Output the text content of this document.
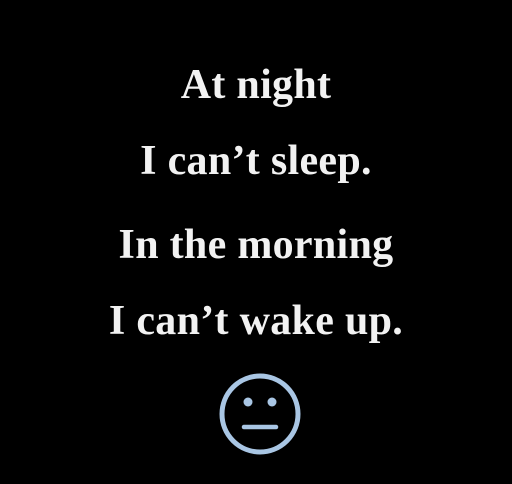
At night
I can’t sleep.
In the morning
I can’t wake up.
